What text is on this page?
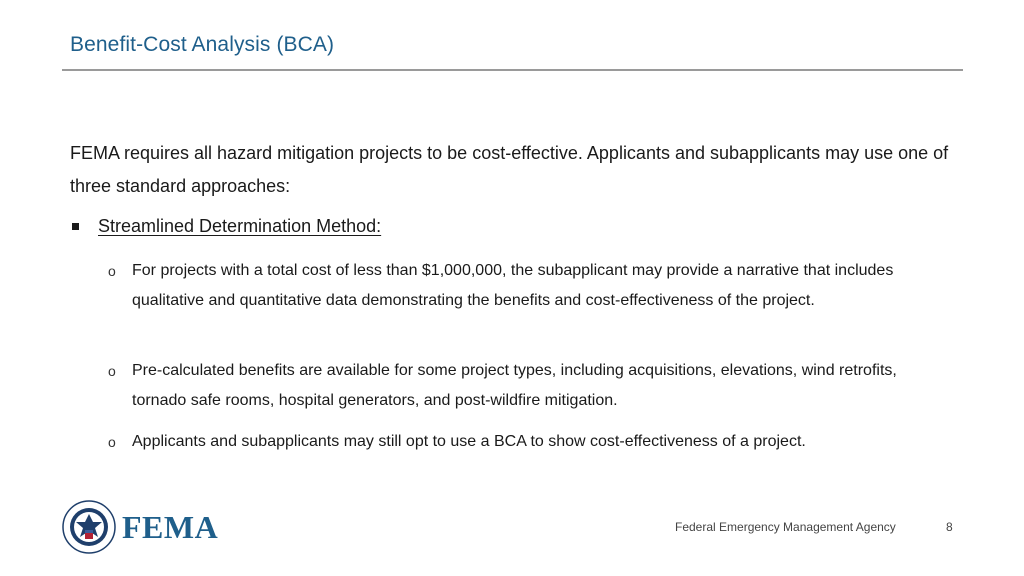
Benefit-Cost Analysis (BCA)
FEMA requires all hazard mitigation projects to be cost-effective. Applicants and subapplicants may use one of three standard approaches:
Streamlined Determination Method:
o For projects with a total cost of less than $1,000,000, the subapplicant may provide a narrative that includes qualitative and quantitative data demonstrating the benefits and cost-effectiveness of the project.
o Pre-calculated benefits are available for some project types, including acquisitions, elevations, wind retrofits, tornado safe rooms, hospital generators, and post-wildfire mitigation.
o Applicants and subapplicants may still opt to use a BCA to show cost-effectiveness of a project.
FEMA	Federal Emergency Management Agency	8
